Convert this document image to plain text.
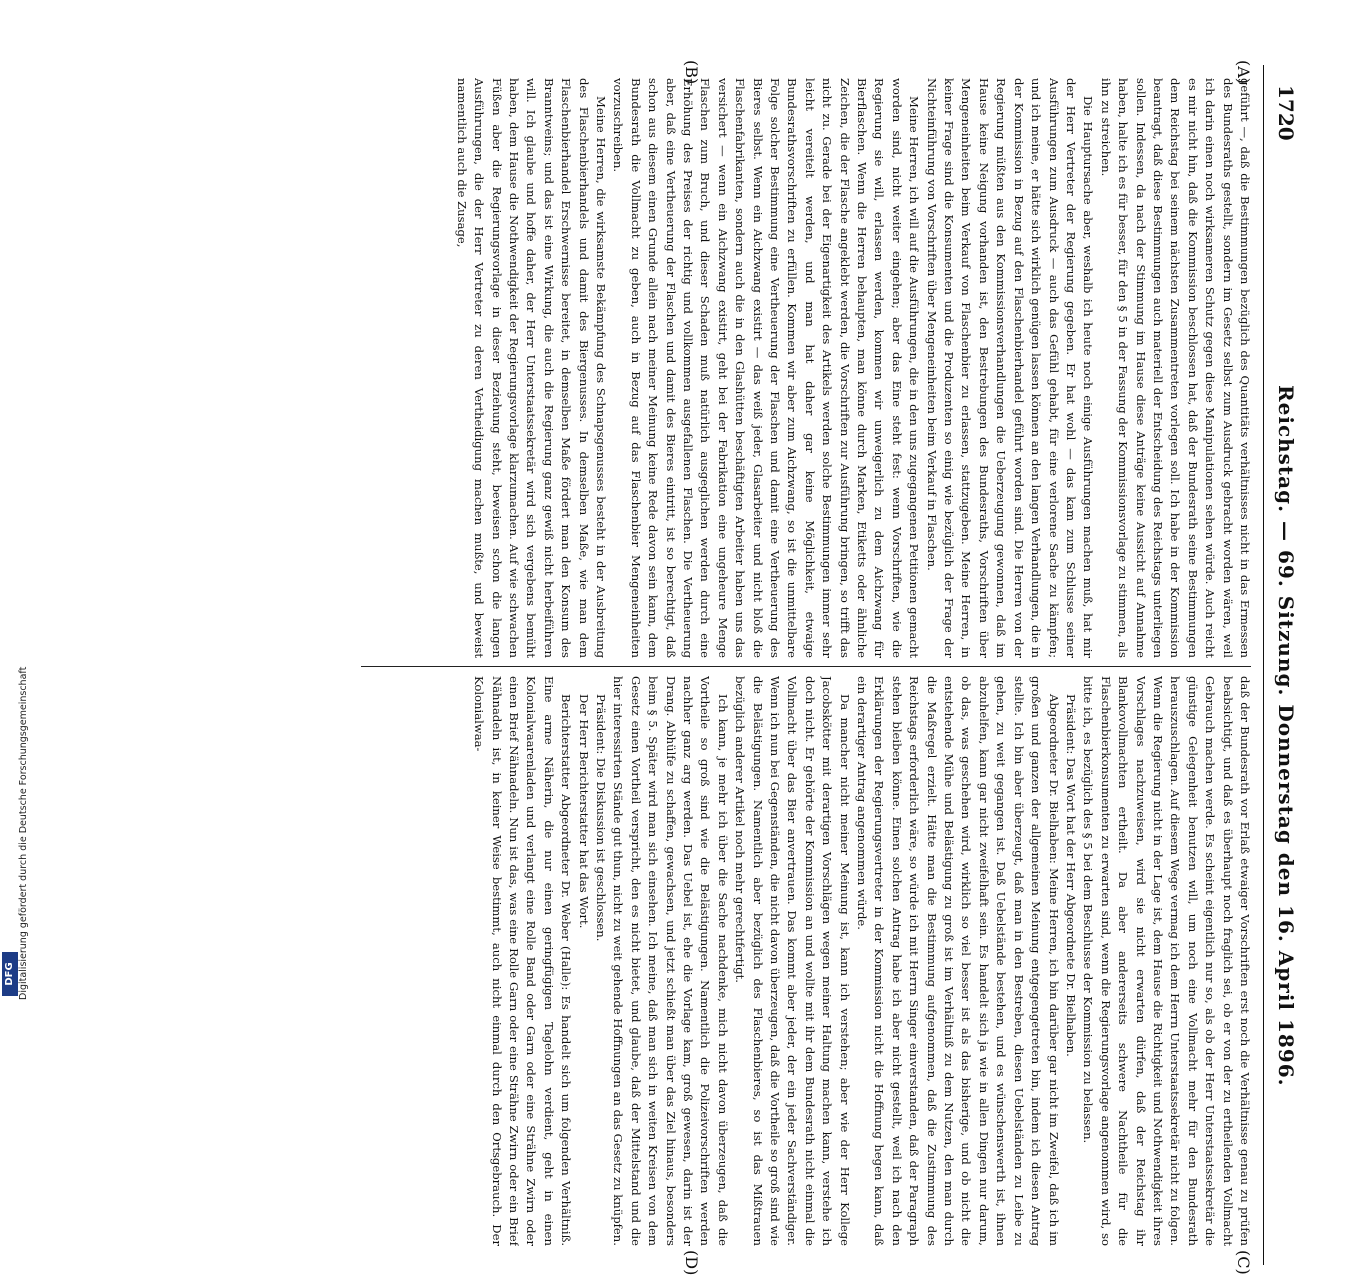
1720
Reichstag. — 69. Sitzung. Donnerstag den 16. April 1896.
(A)
(B)
(C)
(D)

geführt —, daß die Bestimmungen bezüglich des Quantitäts verhältnisses nicht in das Ermessen des Bundesraths gestellt, sondern im Gesetz selbst zum Ausdruck gebracht worden wären, weil ich darin einen noch wirksameren Schutz gegen diese Manipulationen sehen würde. Auch reicht es mir nicht hin, daß die Kommission beschlossen hat, daß der Bundesrath seine Bestimmungen dem Reichstag bei seinem nächsten Zusammentreten vorlegen soll. Ich habe in der Kommission beantragt, daß diese Bestimmungen auch materiell der Entscheidung des Reichstags unterliegen sollen. Indessen, da nach der Stimmung im Hause diese Anträge keine Aussicht auf Annahme haben, halte ich es für besser, für den § 5 in der Fassung der Kommissionsvorlage zu stimmen, als ihn zu streichen.

Die Hauptursache aber, weshalb ich heute noch einige Ausführungen machen muß, hat mir der Herr Vertreter der Regierung gegeben. Er hat wohl — das kam zum Schlusse seiner Ausführungen zum Ausdruck — auch das Gefühl gehabt, für eine verlorene Sache zu kämpfen; und ich meine, er hätte sich wirklich genügen lassen können an den langen Verhandlungen, die in der Kommission in Bezug auf den Flaschenbierhandel geführt worden sind. Die Herren von der Regierung müßten aus den Kommissionsverhandlungen die Ueberzeugung gewonnen, daß im Hause keine Neigung vorhanden ist, den Bestrebungen des Bundesraths, Vorschriften über Mengeneinheiten beim Verkauf von Flaschenbier zu erlassen, stattzugeben. Meine Herren, in keiner Frage sind die Konsumenten und die Produzenten so einig wie bezüglich der Frage der Nichteinführung von Vorschriften über Mengeneinheiten beim Verkauf in Flaschen.

Meine Herren, ich will auf die Ausführungen, die in den uns zugegangenen Petitionen gemacht worden sind, nicht weiter eingehen; aber das Eine steht fest: wenn Vorschriften, wie die Regierung sie will, erlassen werden, kommen wir unweigerlich zu dem Aichzwang für Bierflaschen. Wenn die Herren behaupten, man könne durch Marken, Etiketts oder ähnliche Zeichen, die der Flasche angeklebt werden, die Vorschriften zur Ausführung bringen, so trifft das nicht zu. Gerade bei der Eigenartigkeit des Artikels werden solche Bestimmungen immer sehr leicht vereitelt werden, und man hat daher gar keine Möglichkeit, etwaige Bundesrathsvorschriften zu erfüllen. Kommen wir aber zum Aichzwang, so ist die unmittelbare Folge solcher Bestimmung eine Vertheuerung der Flaschen und damit eine Vertheuerung des Bieres selbst. Wenn ein Aichzwang existirt — das weiß jeder, Glasarbeiter und nicht bloß die Flaschenfabrikanten, sondern auch die in den Glashütten beschäftigten Arbeiter haben uns das versichert — wenn ein Aichzwang existirt, geht bei der Fabrikation eine ungeheure Menge Flaschen zum Bruch, und dieser Schaden muß natürlich ausgeglichen werden durch eine Erhöhung des Preises der richtig und vollkommen ausgefallenen Flaschen. Die Vertheuerung aber, daß eine Vertheuerung der Flaschen und damit des Bieres eintritt, ist so berechtigt, daß schon aus diesem einen Grunde allein nach meiner Meinung keine Rede davon sein kann, dem Bundesrath die Vollmacht zu geben, auch in Bezug auf das Flaschenbier Mengeneinheiten vorzuschreiben.

Meine Herren, die wirksamste Bekämpfung des Schnapsgenusses besteht in der Ausbreitung des Flaschenbierhandels und damit des Biergenusses. In demselben Maße, wie man dem Flaschenbierhandel Erschwernisse bereitet, in demselben Maße fördert man den Konsum des Branntweins; und das ist eine Wirkung, die auch die Regierung ganz gewiß nicht herbeiführen will. Ich glaube und hoffe daher, der Herr Unterstaatssekretär wird sich vergebens bemüht haben, dem Hause die Nothwendigkeit der Regierungsvorlage klarzumachen. Auf wie schwachen Füßen aber die Regierungsvorlage in dieser Beziehung steht, beweisen schon die langen Ausführungen, die der Herr Vertreter zu deren Vertheidigung machen mußte, und beweist namentlich auch die Zusage,

daß der Bundesrath vor Erlaß etwaiger Vorschriften erst noch die Verhältnisse genau zu prüfen beabsichtigt, und daß es überhaupt noch fraglich sei, ob er von der zu ertheilenden Vollmacht Gebrauch machen werde. Es scheint eigentlich nur so, als ob der Herr Unterstaatssekretär die günstige Gelegenheit benutzen will, um noch eine Vollmacht mehr für den Bundesrath herauszuschlagen. Auf diesem Wege vermag ich dem Herrn Unterstaatssekretär nicht zu folgen. Wenn die Regierung nicht in der Lage ist, dem Hause die Richtigkeit und Nothwendigkeit ihres Vorschlages nachzuweisen, wird sie nicht erwarten dürfen, daß der Reichstag ihr Blankovollmachten ertheilt. Da aber andererseits schwere Nachtheile für die Flaschenbierkonsumenten zu erwarten sind, wenn die Regierungsvorlage angenommen wird, so bitte ich, es bezüglich des § 5 bei dem Beschlusse der Kommission zu belassen.

Präsident: Das Wort hat der Herr Abgeordnete Dr. Bielhaben.

Abgeordneter Dr. Bielhaben: Meine Herren, ich bin darüber gar nicht im Zweifel, daß ich im großen und ganzen der allgemeinen Meinung entgegengetreten bin, indem ich diesen Antrag stellte. Ich bin aber überzeugt, daß man in den Bestreben, diesen Uebelständen zu Leibe zu gehen, zu weit gegangen ist. Daß Uebelstände bestehen, und es wünschenswerth ist, ihnen abzuhelfen, kann gar nicht zweifelhaft sein. Es handelt sich ja wie in allen Dingen nur darum, ob das, was geschehen wird, wirklich so viel besser ist als das bisherige, und ob nicht die entstehende Mühe und Belästigung zu groß ist im Verhältniß zu dem Nutzen, den man durch die Maßregel erzielt. Hätte man die Bestimmung aufgenommen, daß die Zustimmung des Reichstags erforderlich wäre, so würde ich mit Herrn Singer einverstanden, daß der Paragraph stehen bleiben könne. Einen solchen Antrag habe ich aber nicht gestellt, weil ich nach den Erklärungen der Regierungsvertreter in der Kommission nicht die Hoffnung hegen kann, daß ein derartiger Antrag angenommen würde.

Da mancher nicht meiner Meinung ist, kann ich verstehen; aber wie der Herr Kollege Jacobskötter mit derartigen Vorschlägen wegen meiner Haltung machen kann, verstehe ich doch nicht. Er gehörte der Kommission an und wollte mit ihr dem Bundesrath nicht einmal die Vollmacht über das Bier anvertrauen. Das kommt aber jeder, der ein jeder Sachverständiger. Wenn ich nun bei Gegenständen, die nicht davon überzeugen, daß die Vortheile so groß sind wie die Belästigungen. Namentlich aber bezüglich des Flaschenbieres, so ist das Mißtrauen bezüglich anderer Artikel noch mehr gerechtfertigt.

Ich kann, je mehr ich über die Sache nachdenke, mich nicht davon überzeugen, daß die Vortheile so groß sind wie die Belästigungen. Namentlich die Polizeivorschriften werden nachher ganz arg werden. Das Uebel ist, ehe die Vorlage kam, groß gewesen, darin ist der Drang. Abhülfe zu schaffen, gewachsen, und jetzt schießt man über das Ziel hinaus, besonders beim § 5. Später wird man sich einsehen. Ich meine, daß man sich in weiten Kreisen von dem Gesetz einen Vortheil verspricht, den es nicht bietet, und glaube, daß der Mittelstand und die hier interessirten Stände gut thun, nicht zu weit gehende Hoffnungen an das Gesetz zu knüpfen.

Präsident: Die Diskussion ist geschlossen.

Der Herr Berichterstatter hat das Wort.

Berichterstatter Abgeordneter Dr. Weber (Halle): Es handelt sich um folgenden Verhältniß. Eine arme Näherin, die nur einen geringfügigen Tagelohn verdient, geht in einen Kolonialwaarenladen und verlangt eine Rolle Band oder Garn oder eine Strähne Zwirn oder einen Brief Nähnadeln. Nun ist das, was eine Rolle Garn oder eine Strähne Zwirn oder ein Brief Nähnadeln ist, in keiner Weise bestimmt, auch nicht einmal durch den Ortsgebrauch. Der Kolonialwaa-

Digitalisierung gefördert durch die Deutsche Forschungsgemeinschaft
DFG
